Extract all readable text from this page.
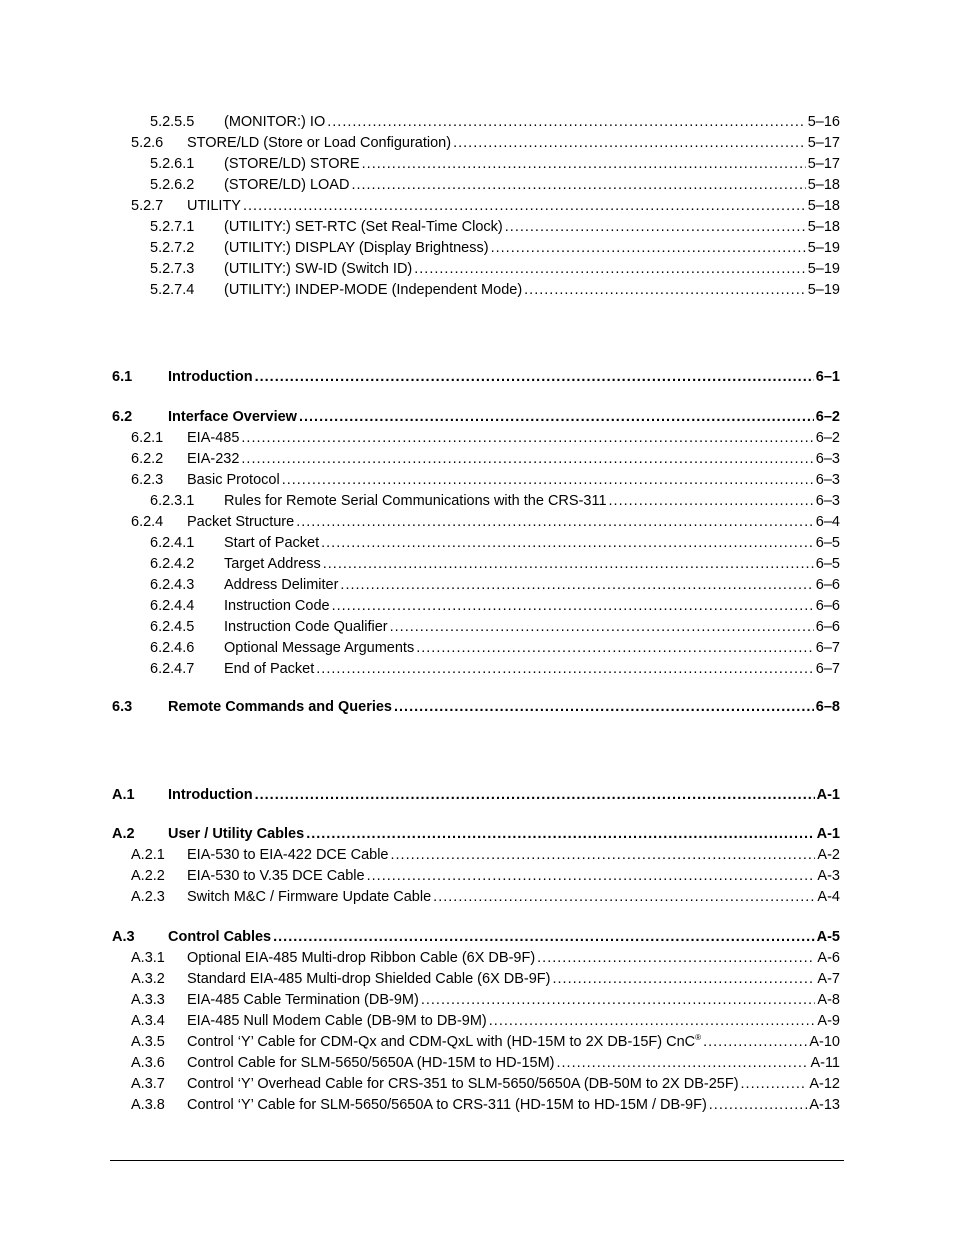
5.2.5.5 (MONITOR:) IO .....	5–16
5.2.6 STORE/LD (Store or Load Configuration) .....	5–17
5.2.6.1 (STORE/LD) STORE .....	5–17
5.2.6.2 (STORE/LD) LOAD .....	5–18
5.2.7 UTILITY .....	5–18
5.2.7.1 (UTILITY:) SET-RTC (Set Real-Time Clock) .....	5–18
5.2.7.2 (UTILITY:) DISPLAY (Display Brightness) .....	5–19
5.2.7.3 (UTILITY:) SW-ID (Switch ID) .....	5–19
5.2.7.4 (UTILITY:) INDEP-MODE (Independent Mode) .....	5–19
6.1 Introduction .....	6–1
6.2 Interface Overview .....	6–2
6.2.1 EIA-485 .....	6–2
6.2.2 EIA-232 .....	6–3
6.2.3 Basic Protocol .....	6–3
6.2.3.1 Rules for Remote Serial Communications with the CRS-311 .....	6–3
6.2.4 Packet Structure .....	6–4
6.2.4.1 Start of Packet .....	6–5
6.2.4.2 Target Address .....	6–5
6.2.4.3 Address Delimiter .....	6–6
6.2.4.4 Instruction Code .....	6–6
6.2.4.5 Instruction Code Qualifier .....	6–6
6.2.4.6 Optional Message Arguments .....	6–7
6.2.4.7 End of Packet .....	6–7
6.3 Remote Commands and Queries .....	6–8
A.1 Introduction .....	A-1
A.2 User / Utility Cables .....	A-1
A.2.1 EIA-530 to EIA-422 DCE Cable .....	A-2
A.2.2 EIA-530 to V.35 DCE Cable .....	A-3
A.2.3 Switch M&C / Firmware Update Cable .....	A-4
A.3 Control Cables .....	A-5
A.3.1 Optional EIA-485 Multi-drop Ribbon Cable (6X DB-9F) .....	A-6
A.3.2 Standard EIA-485 Multi-drop Shielded Cable (6X DB-9F) .....	A-7
A.3.3 EIA-485 Cable Termination (DB-9M) .....	A-8
A.3.4 EIA-485 Null Modem Cable (DB-9M to DB-9M) .....	A-9
A.3.5 Control ‘Y’ Cable for CDM-Qx and CDM-QxL with (HD-15M to 2X DB-15F) CnC® .....	A-10
A.3.6 Control Cable for SLM-5650/5650A (HD-15M to HD-15M) .....	A-11
A.3.7 Control ‘Y’ Overhead Cable for CRS-351 to SLM-5650/5650A (DB-50M to 2X DB-25F) .....	A-12
A.3.8 Control ‘Y’ Cable for SLM-5650/5650A to CRS-311 (HD-15M to HD-15M / DB-9F) .....	A-13
